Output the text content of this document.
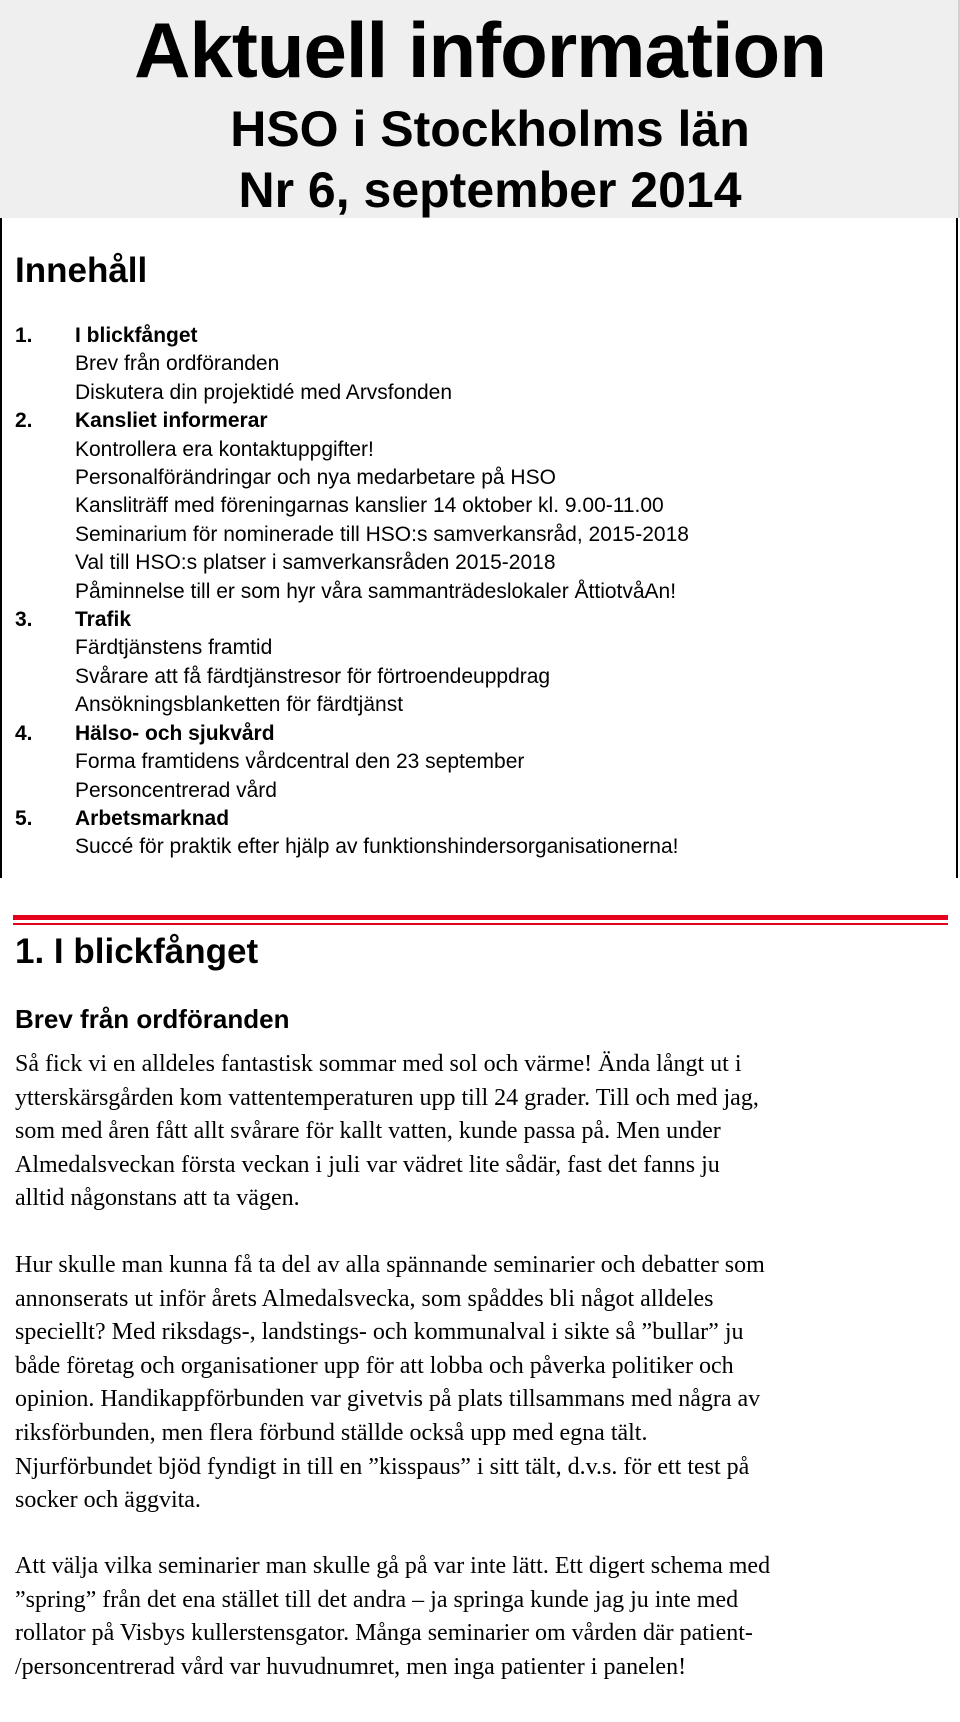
Aktuell information
HSO i Stockholms län
Nr 6, september 2014
Innehåll
1.	I blickfånget
Brev från ordföranden
Diskutera din projektidé med Arvsfonden
2.	Kansliet informerar
Kontrollera era kontaktuppgifter!
Personalförändringar och nya medarbetare på HSO
Kansliträff med föreningarnas kanslier 14 oktober kl. 9.00-11.00
Seminarium för nominerade till HSO:s samverkansråd, 2015-2018
Val till HSO:s platser i samverkansråden 2015-2018
Påminnelse till er som hyr våra sammanträdeslokaler ÅttiotvåAn!
3.	Trafik
Färdtjänstens framtid
Svårare att få färdtjänstresor för förtroendeuppdrag
Ansökningsblanketten för färdtjänst
4.	Hälso- och sjukvård
Forma framtidens vårdcentral den 23 september
Personcentrerad vård
5.	Arbetsmarknad
Succé för praktik efter hjälp av funktionshindersorganisationerna!
1. I blickfånget
Brev från ordföranden

Så fick vi en alldeles fantastisk sommar med sol och värme! Ända långt ut i
ytterskärsgården kom vattentemperaturen upp till 24 grader. Till och med jag,
som med åren fått allt svårare för kallt vatten, kunde passa på. Men under
Almedalsveckan första veckan i juli var vädret lite sådär, fast det fanns ju
alltid någonstans att ta vägen.

Hur skulle man kunna få ta del av alla spännande seminarier och debatter som
annonserats ut inför årets Almedalsvecka, som spåddes bli något alldeles
speciellt? Med riksdags-, landstings- och kommunalval i sikte så ”bullar” ju
både företag och organisationer upp för att lobba och påverka politiker och
opinion. Handikappförbunden var givetvis på plats tillsammans med några av
riksförbunden, men flera förbund ställde också upp med egna tält.
Njurförbundet bjöd fyndigt in till en ”kisspaus” i sitt tält, d.v.s. för ett test på
socker och äggvita.

Att välja vilka seminarier man skulle gå på var inte lätt. Ett digert schema med
”spring” från det ena stället till det andra – ja springa kunde jag ju inte med
rollator på Visbys kullerstensgator. Många seminarier om vården där patient-
/personcentrerad vård var huvudnumret, men inga patienter i panelen!
